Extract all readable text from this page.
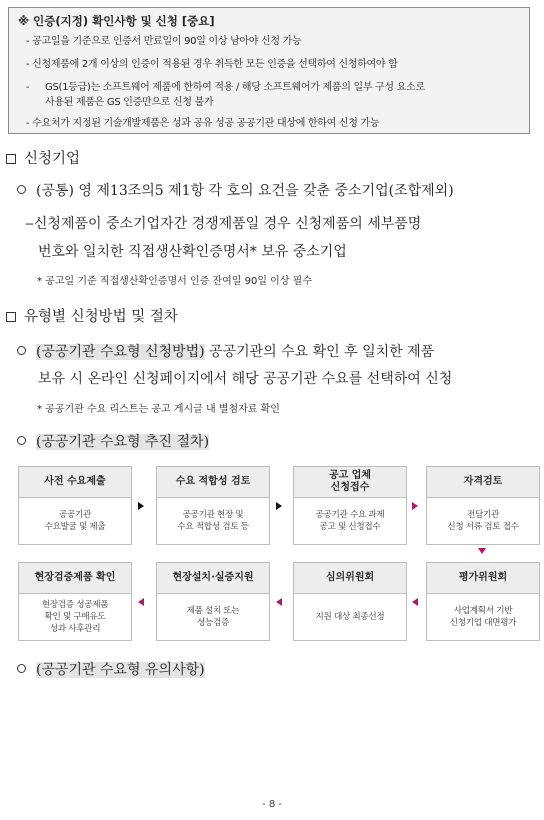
※ 인증(지정) 확인사항 및 신청 [중요]
- 공고일을 기준으로 인증서 만료일이 90일 이상 남아야 신청 가능
- 신청제품에 2개 이상의 인증이 적용된 경우 취득한 모든 인증을 선택하여 신청하여야 함
- GS(1등급)는 소프트웨어 제품에 한하여 적용 / 해당 소프트웨어가 제품의 일부 구성 요소로
사용된 제품은 GS 인증만으로 신청 불가
- 수요처가 지정된 기술개발제품은 성과 공유 성공 공공기관 대상에 한하여 신청 가능
신청기업
(공통) 영 제13조의5 제1항 각 호의 요건을 갖춘 중소기업(조합제외)
‒신청제품이 중소기업자간 경쟁제품일 경우 신청제품의 세부품명
번호와 일치한 직접생산확인증명서* 보유 중소기업
* 공고일 기준 직접생산확인증명서 인증 잔여일 90일 이상 필수
유형별 신청방법 및 절차
(공공기관 수요형 신청방법) 공공기관의 수요 확인 후 일치한 제품
보유 시 온라인 신청페이지에서 해당 공공기관 수요를 선택하여 신청
* 공공기관 수요 리스트는 공고 게시글 내 별첨자료 확인
(공공기관 수요형 추진 절차)
사전 수요제출
공공기관
수요발굴 및 제출
수요 적합성 검토
공공기관 현장 및
수요 적합성 검토 등
공고 업체
신청접수
공공기관 수요 과제
공고 및 신청접수
자격검토
전담기관
신청 서류 검토 접수
현장검증제품 확인
현장검증 성공제품
확인 및 구매유도
성과 사후관리
현장설치·실증지원
제품 설치 또는
성능검증
심의위원회
지원 대상 최종선정
평가위원회
사업계획서 기반
신청기업 대면평가
(공공기관 수요형 유의사항)
- 8 -
